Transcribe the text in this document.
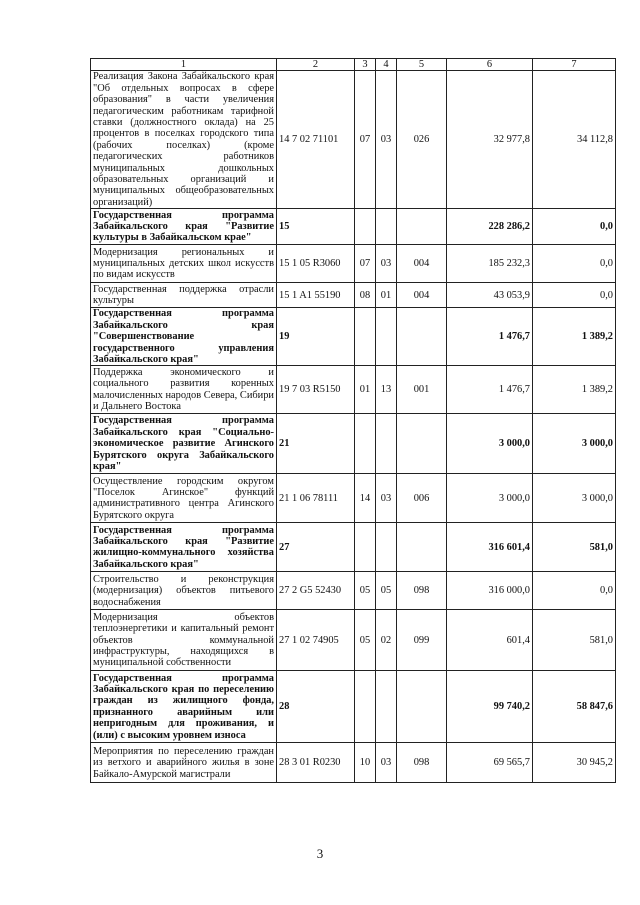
1	2	3	4	5	6	7
Реализация Закона Забайкальского края "Об отдельных вопросах в сфере образования" в части увеличения педагогическим работникам тарифной ставки (должностного оклада) на 25 процентов в поселках городского типа (рабочих поселках) (кроме педагогических работников муниципальных дошкольных образовательных организаций и муниципальных общеобразовательных организаций)	14 7 02 71101	07	03	026	32 977,8	34 112,8
Государственная программа Забайкальского края "Развитие культуры в Забайкальском крае"	15				228 286,2	0,0
Модернизация региональных и муниципальных детских школ искусств по видам искусств	15 1 05 R3060	07	03	004	185 232,3	0,0
Государственная поддержка отрасли культуры	15 1 A1 55190	08	01	004	43 053,9	0,0
Государственная программа Забайкальского края "Совершенствование государственного управления Забайкальского края"	19				1 476,7	1 389,2
Поддержка экономического и социального развития коренных малочисленных народов Севера, Сибири и Дальнего Востока	19 7 03 R5150	01	13	001	1 476,7	1 389,2
Государственная программа Забайкальского края "Социально-экономическое развитие Агинского Бурятского округа Забайкальского края"	21				3 000,0	3 000,0
Осуществление городским округом "Поселок Агинское" функций административного центра Агинского Бурятского округа	21 1 06 78111	14	03	006	3 000,0	3 000,0
Государственная программа Забайкальского края "Развитие жилищно-коммунального хозяйства Забайкальского края"	27				316 601,4	581,0
Строительство и реконструкция (модернизация) объектов питьевого водоснабжения	27 2 G5 52430	05	05	098	316 000,0	0,0
Модернизация объектов теплоэнергетики и капитальный ремонт объектов коммунальной инфраструктуры, находящихся в муниципальной собственности	27 1 02 74905	05	02	099	601,4	581,0
Государственная программа Забайкальского края по переселению граждан из жилищного фонда, признанного аварийным или непригодным для проживания, и (или) с высоким уровнем износа	28				99 740,2	58 847,6
Мероприятия по переселению граждан из ветхого и аварийного жилья в зоне Байкало-Амурской магистрали	28 3 01 R0230	10	03	098	69 565,7	30 945,2
3
